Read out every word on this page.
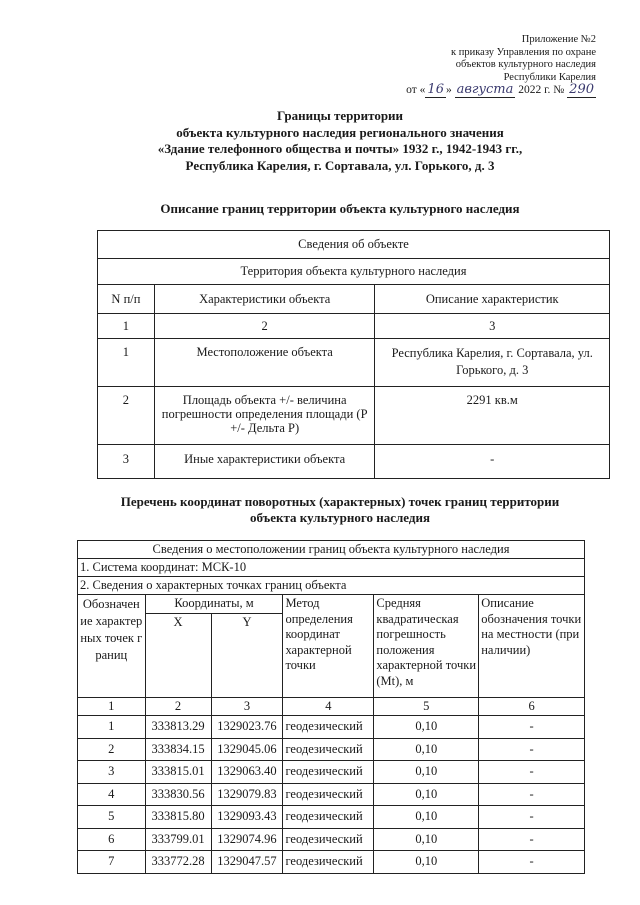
Приложение №2
к приказу Управления по охране
объектов культурного наследия
Республики Карелия
от « 16 » августа 2022 г. № 290
Границы территории
объекта культурного наследия регионального значения
«Здание телефонного общества и почты» 1932 г., 1942-1943 гг.,
Республика Карелия, г. Сортавала, ул. Горького, д. 3
Описание границ территории объекта культурного наследия
Сведения об объекте		
Территория объекта культурного наследия		
N п/п	Характеристики объекта	Описание характеристик
1	2	3
1	Местоположение объекта	Республика Карелия, г. Сортавала, ул. Горького, д. 3
2	Площадь объекта +/- величина погрешности определения площади (P +/- Дельта P)	2291 кв.м
3	Иные характеристики объекта	-
Перечень координат поворотных (характерных) точек границ территории
объекта культурного наследия
Сведения о местоположении границ объекта культурного наследия					
1. Система координат: МСК-10					
2. Сведения о характерных точках границ объекта					
Обозначение характерных точек границ	Координаты, м		Метод определения координат характерной точки	Средняя квадратическая погрешность положения характерной точки (Mt), м	Описание обозначения точки на местности (при наличии)
	X	Y			
1	2	3	4	5	6
1	333813.29	1329023.76	геодезический	0,10	-
2	333834.15	1329045.06	геодезический	0,10	-
3	333815.01	1329063.40	геодезический	0,10	-
4	333830.56	1329079.83	геодезический	0,10	-
5	333815.80	1329093.43	геодезический	0,10	-
6	333799.01	1329074.96	геодезический	0,10	-
7	333772.28	1329047.57	геодезический	0,10	-
